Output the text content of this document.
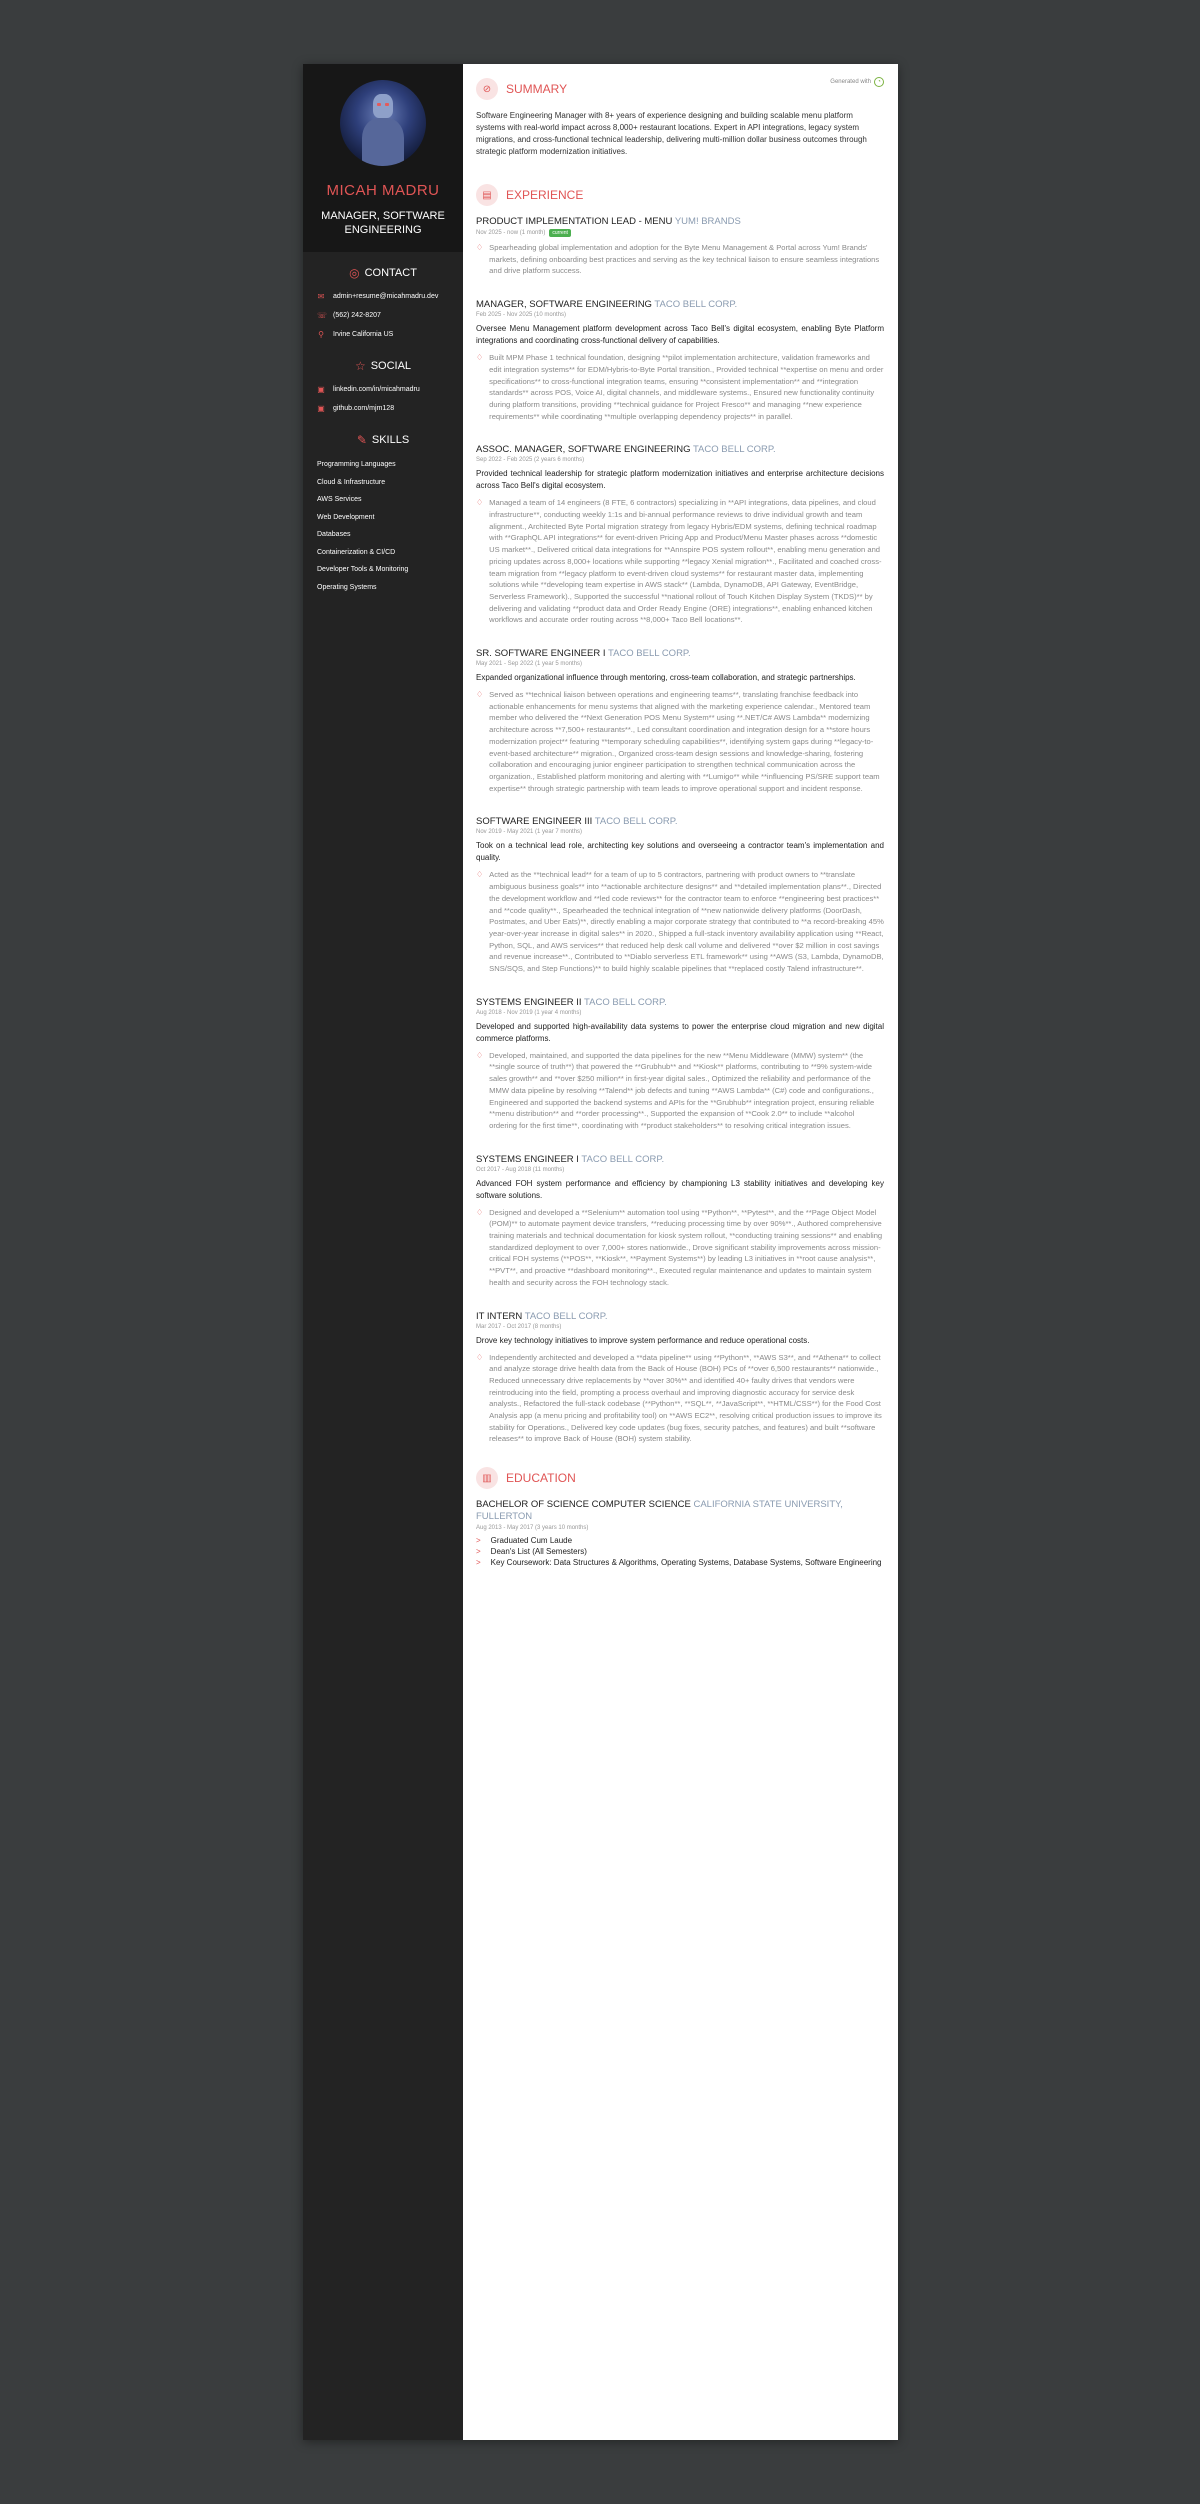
MICAH MADRU
MANAGER, SOFTWARE ENGINEERING
◎ CONTACT
✉ admin+resume@micahmadru.dev
☏ (562) 242-8207
⚲ Irvine California US
☆ SOCIAL
▣ linkedin.com/in/micahmadru
▣ github.com/mjm128
✎ SKILLS
Programming Languages
Cloud & Infrastructure
AWS Services
Web Development
Databases
Containerization & CI/CD
Developer Tools & Monitoring
Operating Systems
Generated with	◔
⊘	SUMMARY
Software Engineering Manager with 8+ years of experience designing and building scalable menu platform systems with real-world impact across 8,000+ restaurant locations. Expert in API integrations, legacy system migrations, and cross-functional technical leadership, delivering multi-million dollar business outcomes through strategic platform modernization initiatives.
▤	EXPERIENCE
PRODUCT IMPLEMENTATION LEAD - MENU YUM! BRANDS
Nov 2025 - now (1 month)	current
♢ Spearheading global implementation and adoption for the Byte Menu Management & Portal across Yum! Brands' markets, defining onboarding best practices and serving as the key technical liaison to ensure seamless integrations and drive platform success.
MANAGER, SOFTWARE ENGINEERING TACO BELL CORP.
Feb 2025 - Nov 2025 (10 months)
Oversee Menu Management platform development across Taco Bell's digital ecosystem, enabling Byte Platform integrations and coordinating cross-functional delivery of capabilities.
♢ Built MPM Phase 1 technical foundation, designing **pilot implementation architecture, validation frameworks and edit integration systems** for EDM/Hybris-to-Byte Portal transition., Provided technical **expertise on menu and order specifications** to cross-functional integration teams, ensuring **consistent implementation** and **integration standards** across POS, Voice AI, digital channels, and middleware systems., Ensured new functionality continuity during platform transitions, providing **technical guidance for Project Fresco** and managing **new experience requirements** while coordinating **multiple overlapping dependency projects** in parallel.
ASSOC. MANAGER, SOFTWARE ENGINEERING TACO BELL CORP.
Sep 2022 - Feb 2025 (2 years 6 months)
Provided technical leadership for strategic platform modernization initiatives and enterprise architecture decisions across Taco Bell's digital ecosystem.
♢ Managed a team of 14 engineers (8 FTE, 6 contractors) specializing in **API integrations, data pipelines, and cloud infrastructure**, conducting weekly 1:1s and bi-annual performance reviews to drive individual growth and team alignment., Architected Byte Portal migration strategy from legacy Hybris/EDM systems, defining technical roadmap with **GraphQL API integrations** for event-driven Pricing App and Product/Menu Master phases across **domestic US market**., Delivered critical data integrations for **Annspire POS system rollout**, enabling menu generation and pricing updates across 8,000+ locations while supporting **legacy Xenial migration**., Facilitated and coached cross-team migration from **legacy platform to event-driven cloud systems** for restaurant master data, implementing solutions while **developing team expertise in AWS stack** (Lambda, DynamoDB, API Gateway, EventBridge, Serverless Framework)., Supported the successful **national rollout of Touch Kitchen Display System (TKDS)** by delivering and validating **product data and Order Ready Engine (ORE) integrations**, enabling enhanced kitchen workflows and accurate order routing across **8,000+ Taco Bell locations**.
SR. SOFTWARE ENGINEER I TACO BELL CORP.
May 2021 - Sep 2022 (1 year 5 months)
Expanded organizational influence through mentoring, cross-team collaboration, and strategic partnerships.
♢ Served as **technical liaison between operations and engineering teams**, translating franchise feedback into actionable enhancements for menu systems that aligned with the marketing experience calendar., Mentored team member who delivered the **Next Generation POS Menu System** using **.NET/C# AWS Lambda** modernizing architecture across **7,500+ restaurants**., Led consultant coordination and integration design for a **store hours modernization project** featuring **temporary scheduling capabilities**, identifying system gaps during **legacy-to-event-based architecture** migration., Organized cross-team design sessions and knowledge-sharing, fostering collaboration and encouraging junior engineer participation to strengthen technical communication across the organization., Established platform monitoring and alerting with **Lumigo** while **influencing PS/SRE support team expertise** through strategic partnership with team leads to improve operational support and incident response.
SOFTWARE ENGINEER III TACO BELL CORP.
Nov 2019 - May 2021 (1 year 7 months)
Took on a technical lead role, architecting key solutions and overseeing a contractor team's implementation and quality.
♢ Acted as the **technical lead** for a team of up to 5 contractors, partnering with product owners to **translate ambiguous business goals** into **actionable architecture designs** and **detailed implementation plans**., Directed the development workflow and **led code reviews** for the contractor team to enforce **engineering best practices** and **code quality**., Spearheaded the technical integration of **new nationwide delivery platforms (DoorDash, Postmates, and Uber Eats)**, directly enabling a major corporate strategy that contributed to **a record-breaking 45% year-over-year increase in digital sales** in 2020., Shipped a full-stack inventory availability application using **React, Python, SQL, and AWS services** that reduced help desk call volume and delivered **over $2 million in cost savings and revenue increase**., Contributed to **Diablo serverless ETL framework** using **AWS (S3, Lambda, DynamoDB, SNS/SQS, and Step Functions)** to build highly scalable pipelines that **replaced costly Talend infrastructure**.
SYSTEMS ENGINEER II TACO BELL CORP.
Aug 2018 - Nov 2019 (1 year 4 months)
Developed and supported high-availability data systems to power the enterprise cloud migration and new digital commerce platforms.
♢ Developed, maintained, and supported the data pipelines for the new **Menu Middleware (MMW) system** (the **single source of truth**) that powered the **Grubhub** and **Kiosk** platforms, contributing to **9% system-wide sales growth** and **over $250 million** in first-year digital sales., Optimized the reliability and performance of the MMW data pipeline by resolving **Talend** job defects and tuning **AWS Lambda** (C#) code and configurations., Engineered and supported the backend systems and APIs for the **Grubhub** integration project, ensuring reliable **menu distribution** and **order processing**., Supported the expansion of **Cook 2.0** to include **alcohol ordering for the first time**, coordinating with **product stakeholders** to resolving critical integration issues.
SYSTEMS ENGINEER I TACO BELL CORP.
Oct 2017 - Aug 2018 (11 months)
Advanced FOH system performance and efficiency by championing L3 stability initiatives and developing key software solutions.
♢ Designed and developed a **Selenium** automation tool using **Python**, **Pytest**, and the **Page Object Model (POM)** to automate payment device transfers, **reducing processing time by over 90%**., Authored comprehensive training materials and technical documentation for kiosk system rollout, **conducting training sessions** and enabling standardized deployment to over 7,000+ stores nationwide., Drove significant stability improvements across mission-critical FOH systems (**POS**, **Kiosk**, **Payment Systems**) by leading L3 initiatives in **root cause analysis**, **PVT**, and proactive **dashboard monitoring**., Executed regular maintenance and updates to maintain system health and security across the FOH technology stack.
IT INTERN TACO BELL CORP.
Mar 2017 - Oct 2017 (8 months)
Drove key technology initiatives to improve system performance and reduce operational costs.
♢ Independently architected and developed a **data pipeline** using **Python**, **AWS S3**, and **Athena** to collect and analyze storage drive health data from the Back of House (BOH) PCs of **over 6,500 restaurants** nationwide., Reduced unnecessary drive replacements by **over 30%** and identified 40+ faulty drives that vendors were reintroducing into the field, prompting a process overhaul and improving diagnostic accuracy for service desk analysts., Refactored the full-stack codebase (**Python**, **SQL**, **JavaScript**, **HTML/CSS**) for the Food Cost Analysis app (a menu pricing and profitability tool) on **AWS EC2**, resolving critical production issues to improve its stability for Operations., Delivered key code updates (bug fixes, security patches, and features) and built **software releases** to improve Back of House (BOH) system stability.
▥	EDUCATION
BACHELOR OF SCIENCE COMPUTER SCIENCE CALIFORNIA STATE UNIVERSITY, FULLERTON
Aug 2013 - May 2017 (3 years 10 months)
> Graduated Cum Laude
> Dean's List (All Semesters)
> Key Coursework: Data Structures & Algorithms, Operating Systems, Database Systems, Software Engineering
